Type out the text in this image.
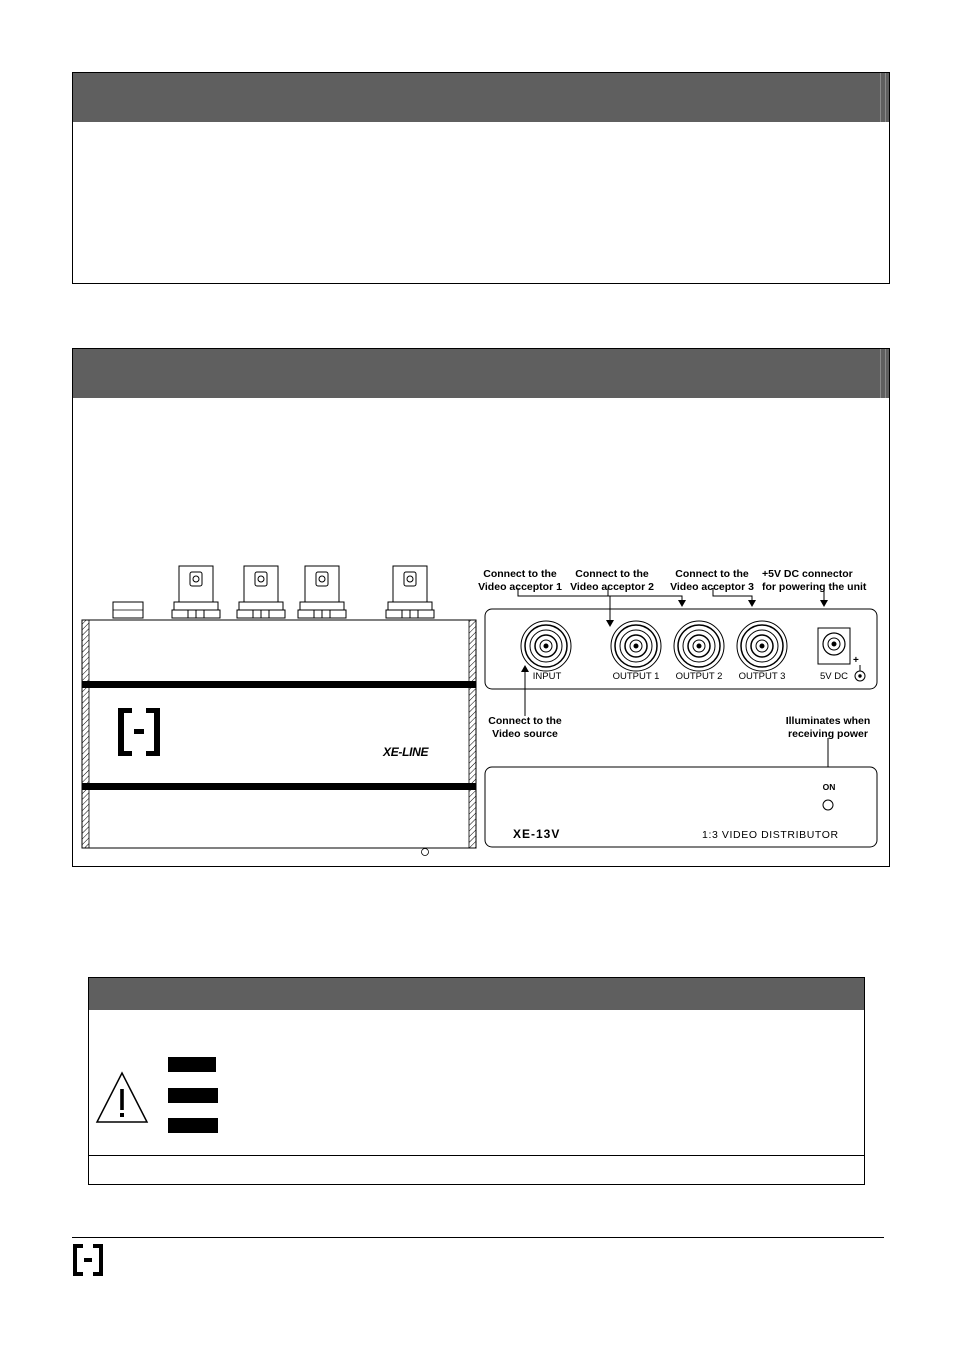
XE-LINE
Connect to the
Video acceptor 1
Connect to the
Video acceptor 2
Connect to the
Video acceptor 3
+5V DC connector
for powering the unit
Connect to the
Video source
Illuminates when
receiving power
INPUT	OUTPUT 1	OUTPUT 2	OUTPUT 3	5V DC
+
ON
XE-13V	1:3 VIDEO DISTRIBUTOR
